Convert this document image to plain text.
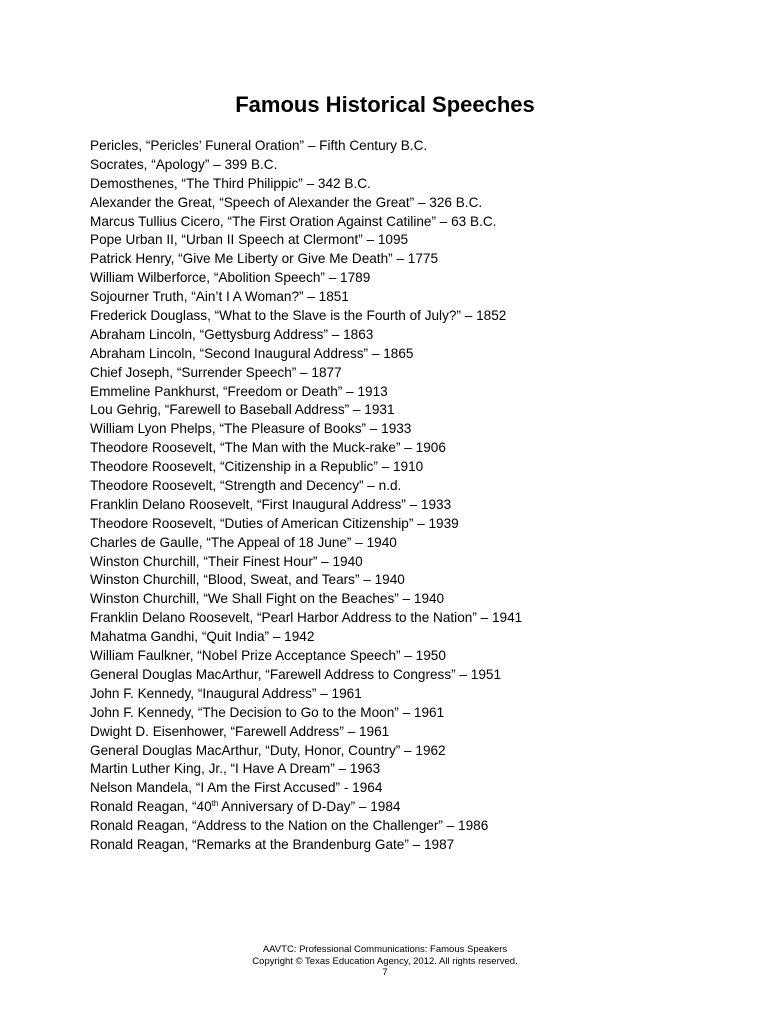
Famous Historical Speeches
Pericles, “Pericles’ Funeral Oration” – Fifth Century B.C.
Socrates, “Apology” – 399 B.C.
Demosthenes, “The Third Philippic” – 342 B.C.
Alexander the Great, “Speech of Alexander the Great” – 326 B.C.
Marcus Tullius Cicero, “The First Oration Against Catiline” – 63 B.C.
Pope Urban II, “Urban II Speech at Clermont” – 1095
Patrick Henry, “Give Me Liberty or Give Me Death” – 1775
William Wilberforce, “Abolition Speech” – 1789
Sojourner Truth, “Ain’t I A Woman?” – 1851
Frederick Douglass, “What to the Slave is the Fourth of July?” – 1852
Abraham Lincoln, “Gettysburg Address” – 1863
Abraham Lincoln, “Second Inaugural Address” – 1865
Chief Joseph, “Surrender Speech” – 1877
Emmeline Pankhurst, “Freedom or Death” – 1913
Lou Gehrig, “Farewell to Baseball Address” – 1931
William Lyon Phelps, “The Pleasure of Books” – 1933
Theodore Roosevelt, “The Man with the Muck-rake” – 1906
Theodore Roosevelt, “Citizenship in a Republic” – 1910
Theodore Roosevelt, “Strength and Decency” – n.d.
Franklin Delano Roosevelt, “First Inaugural Address” – 1933
Theodore Roosevelt, “Duties of American Citizenship” – 1939
Charles de Gaulle, “The Appeal of 18 June” – 1940
Winston Churchill, “Their Finest Hour” – 1940
Winston Churchill, “Blood, Sweat, and Tears” – 1940
Winston Churchill, “We Shall Fight on the Beaches” – 1940
Franklin Delano Roosevelt, “Pearl Harbor Address to the Nation” – 1941
Mahatma Gandhi, “Quit India” – 1942
William Faulkner, “Nobel Prize Acceptance Speech” – 1950
General Douglas MacArthur, “Farewell Address to Congress” – 1951
John F. Kennedy, “Inaugural Address” – 1961
John F. Kennedy, “The Decision to Go to the Moon” – 1961
Dwight D. Eisenhower, “Farewell Address” – 1961
General Douglas MacArthur, “Duty, Honor, Country” – 1962
Martin Luther King, Jr., “I Have A Dream” – 1963
Nelson Mandela, “I Am the First Accused” - 1964
Ronald Reagan, “40th Anniversary of D-Day” – 1984
Ronald Reagan, “Address to the Nation on the Challenger” – 1986
Ronald Reagan, “Remarks at the Brandenburg Gate” – 1987
AAVTC: Professional Communications: Famous Speakers
Copyright © Texas Education Agency, 2012. All rights reserved.
7
